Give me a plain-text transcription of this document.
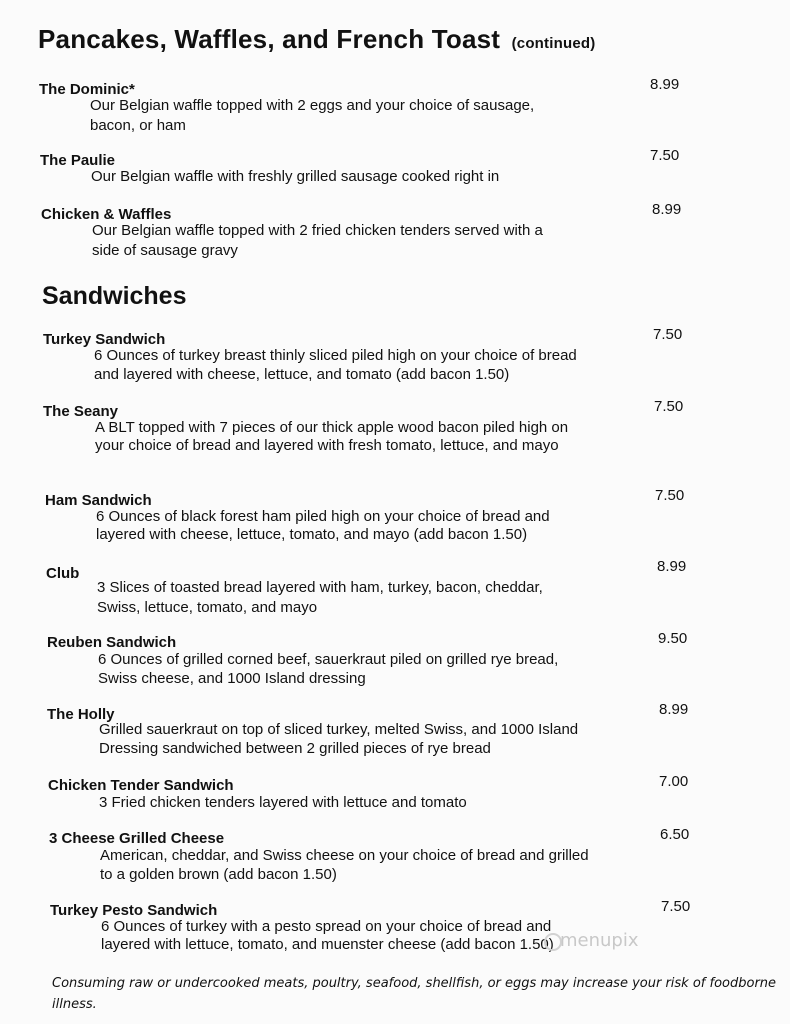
Pancakes, Waffles, and French Toast (continued)
The Dominic*	8.99
Our Belgian waffle topped with 2 eggs and your choice of sausage,
bacon, or ham
The Paulie	7.50
Our Belgian waffle with freshly grilled sausage cooked right in
Chicken & Waffles	8.99
Our Belgian waffle topped with 2 fried chicken tenders served with a
side of sausage gravy
Sandwiches
Turkey Sandwich	7.50
6 Ounces of turkey breast thinly sliced piled high on your choice of bread
and layered with cheese, lettuce, and tomato (add bacon 1.50)
The Seany	7.50
A BLT topped with 7 pieces of our thick apple wood bacon piled high on
your choice of bread and layered with fresh tomato, lettuce, and mayo
Ham Sandwich	7.50
6 Ounces of black forest ham piled high on your choice of bread and
layered with cheese, lettuce, tomato, and mayo (add bacon 1.50)
Club	8.99
3 Slices of toasted bread layered with ham, turkey, bacon, cheddar,
Swiss, lettuce, tomato, and mayo
Reuben Sandwich	9.50
6 Ounces of grilled corned beef, sauerkraut piled on grilled rye bread,
Swiss cheese, and 1000 Island dressing
The Holly	8.99
Grilled sauerkraut on top of sliced turkey, melted Swiss, and 1000 Island
Dressing sandwiched between 2 grilled pieces of rye bread
Chicken Tender Sandwich	7.00
3 Fried chicken tenders layered with lettuce and tomato
3 Cheese Grilled Cheese	6.50
American, cheddar, and Swiss cheese on your choice of bread and grilled
to a golden brown (add bacon 1.50)
Turkey Pesto Sandwich	7.50
6 Ounces of turkey with a pesto spread on your choice of bread and
layered with lettuce, tomato, and muenster cheese (add bacon 1.50) menupix
Consuming raw or undercooked meats, poultry, seafood, shellfish, or eggs may increase your risk of foodborne
illness.
